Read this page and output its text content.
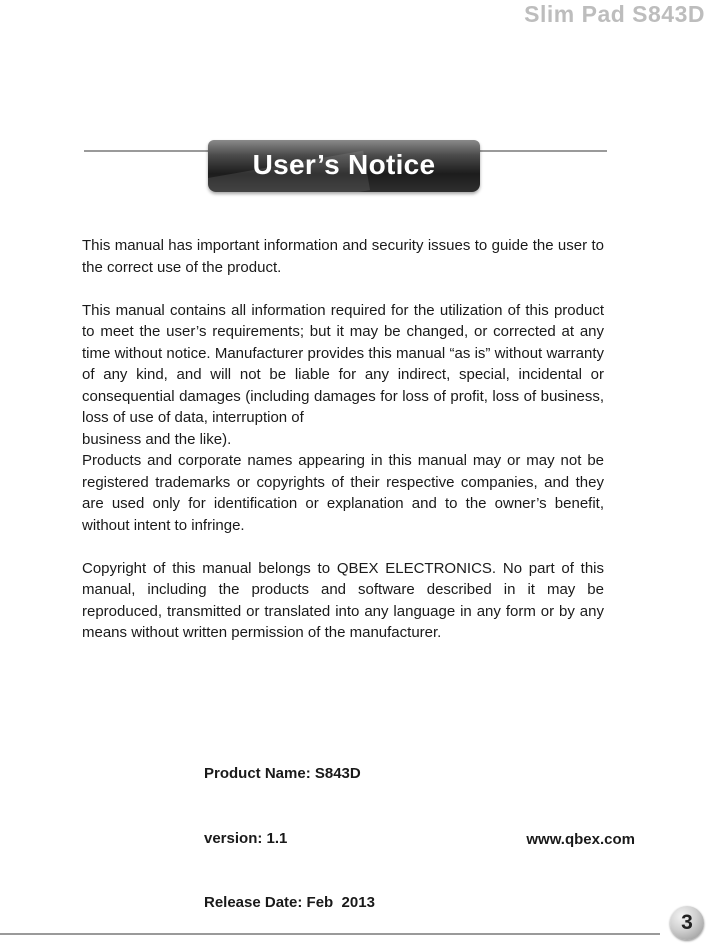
Slim Pad S843D
User’s Notice

This manual has important information and security issues to guide the user to the correct use of the product.

This manual contains all information required for the utilization of this product to meet the user’s requirements; but it may be changed, or corrected at any time without notice. Manufacturer provides this manual “as is” without warranty of any kind, and will not be liable for any indirect, special, incidental or consequential damages (including damages for loss of profit, loss of business, loss of use of data, interruption of

business and the like).

Products and corporate names appearing in this manual may or may not be registered trademarks or copyrights of their respective companies, and they are used only for identification or explanation and to the owner’s benefit, without intent to infringe.

Copyright of this manual belongs to QBEX ELECTRONICS. No part of this manual, including the products and software described in it may be reproduced, transmitted or translated into any language in any form or by any means without written permission of the manufacturer.

Product Name: S843D

version: 1.1

Release Date: Feb  2013

www.qbex.com
3
